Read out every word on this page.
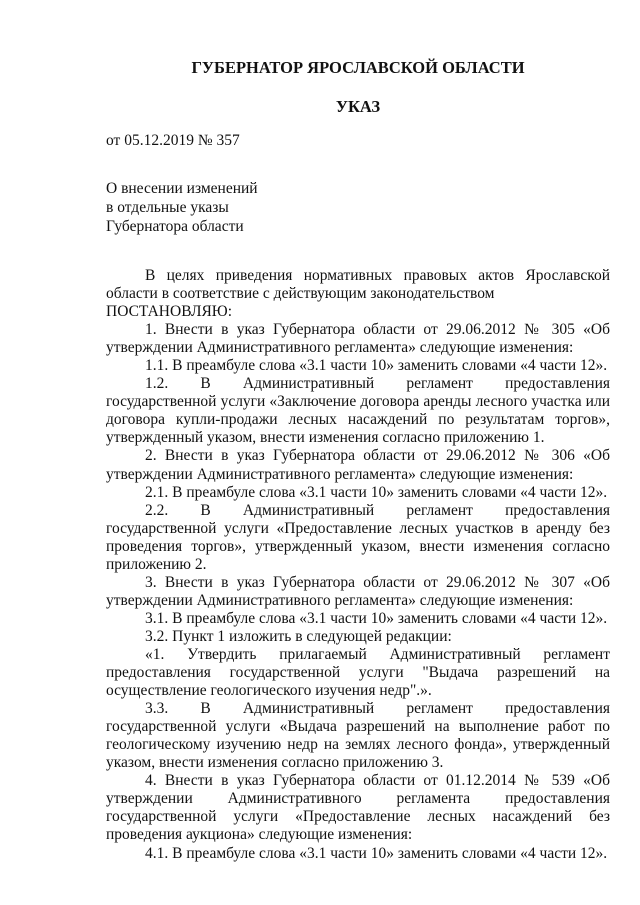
ГУБЕРНАТОР ЯРОСЛАВСКОЙ ОБЛАСТИ

УКАЗ

от 05.12.2019 № 357

О внесении изменений
в отдельные указы
Губернатора области

В целях приведения нормативных правовых актов Ярославской области в соответствие с действующим законодательством

ПОСТАНОВЛЯЮ:

1. Внести в указ Губернатора области от 29.06.2012 № 305 «Об утверждении Административного регламента» следующие изменения:

1.1. В преамбуле слова «3.1 части 10» заменить словами «4 части 12».

1.2. В Административный регламент предоставления государственной услуги «Заключение договора аренды лесного участка или договора купли-продажи лесных насаждений по результатам торгов», утвержденный указом, внести изменения согласно приложению 1.

2. Внести в указ Губернатора области от 29.06.2012 № 306 «Об утверждении Административного регламента» следующие изменения:

2.1. В преамбуле слова «3.1 части 10» заменить словами «4 части 12».

2.2. В Административный регламент предоставления государственной услуги «Предоставление лесных участков в аренду без проведения торгов», утвержденный указом, внести изменения согласно приложению 2.

3. Внести в указ Губернатора области от 29.06.2012 № 307 «Об утверждении Административного регламента» следующие изменения:

3.1. В преамбуле слова «3.1 части 10» заменить словами «4 части 12».

3.2. Пункт 1 изложить в следующей редакции:

«1. Утвердить прилагаемый Административный регламент предоставления государственной услуги "Выдача разрешений на осуществление геологического изучения недр".».

3.3. В Административный регламент предоставления государственной услуги «Выдача разрешений на выполнение работ по геологическому изучению недр на землях лесного фонда», утвержденный указом, внести изменения согласно приложению 3.

4. Внести в указ Губернатора области от 01.12.2014 № 539 «Об утверждении Административного регламента предоставления государственной услуги «Предоставление лесных насаждений без проведения аукциона» следующие изменения:

4.1. В преамбуле слова «3.1 части 10» заменить словами «4 части 12».
